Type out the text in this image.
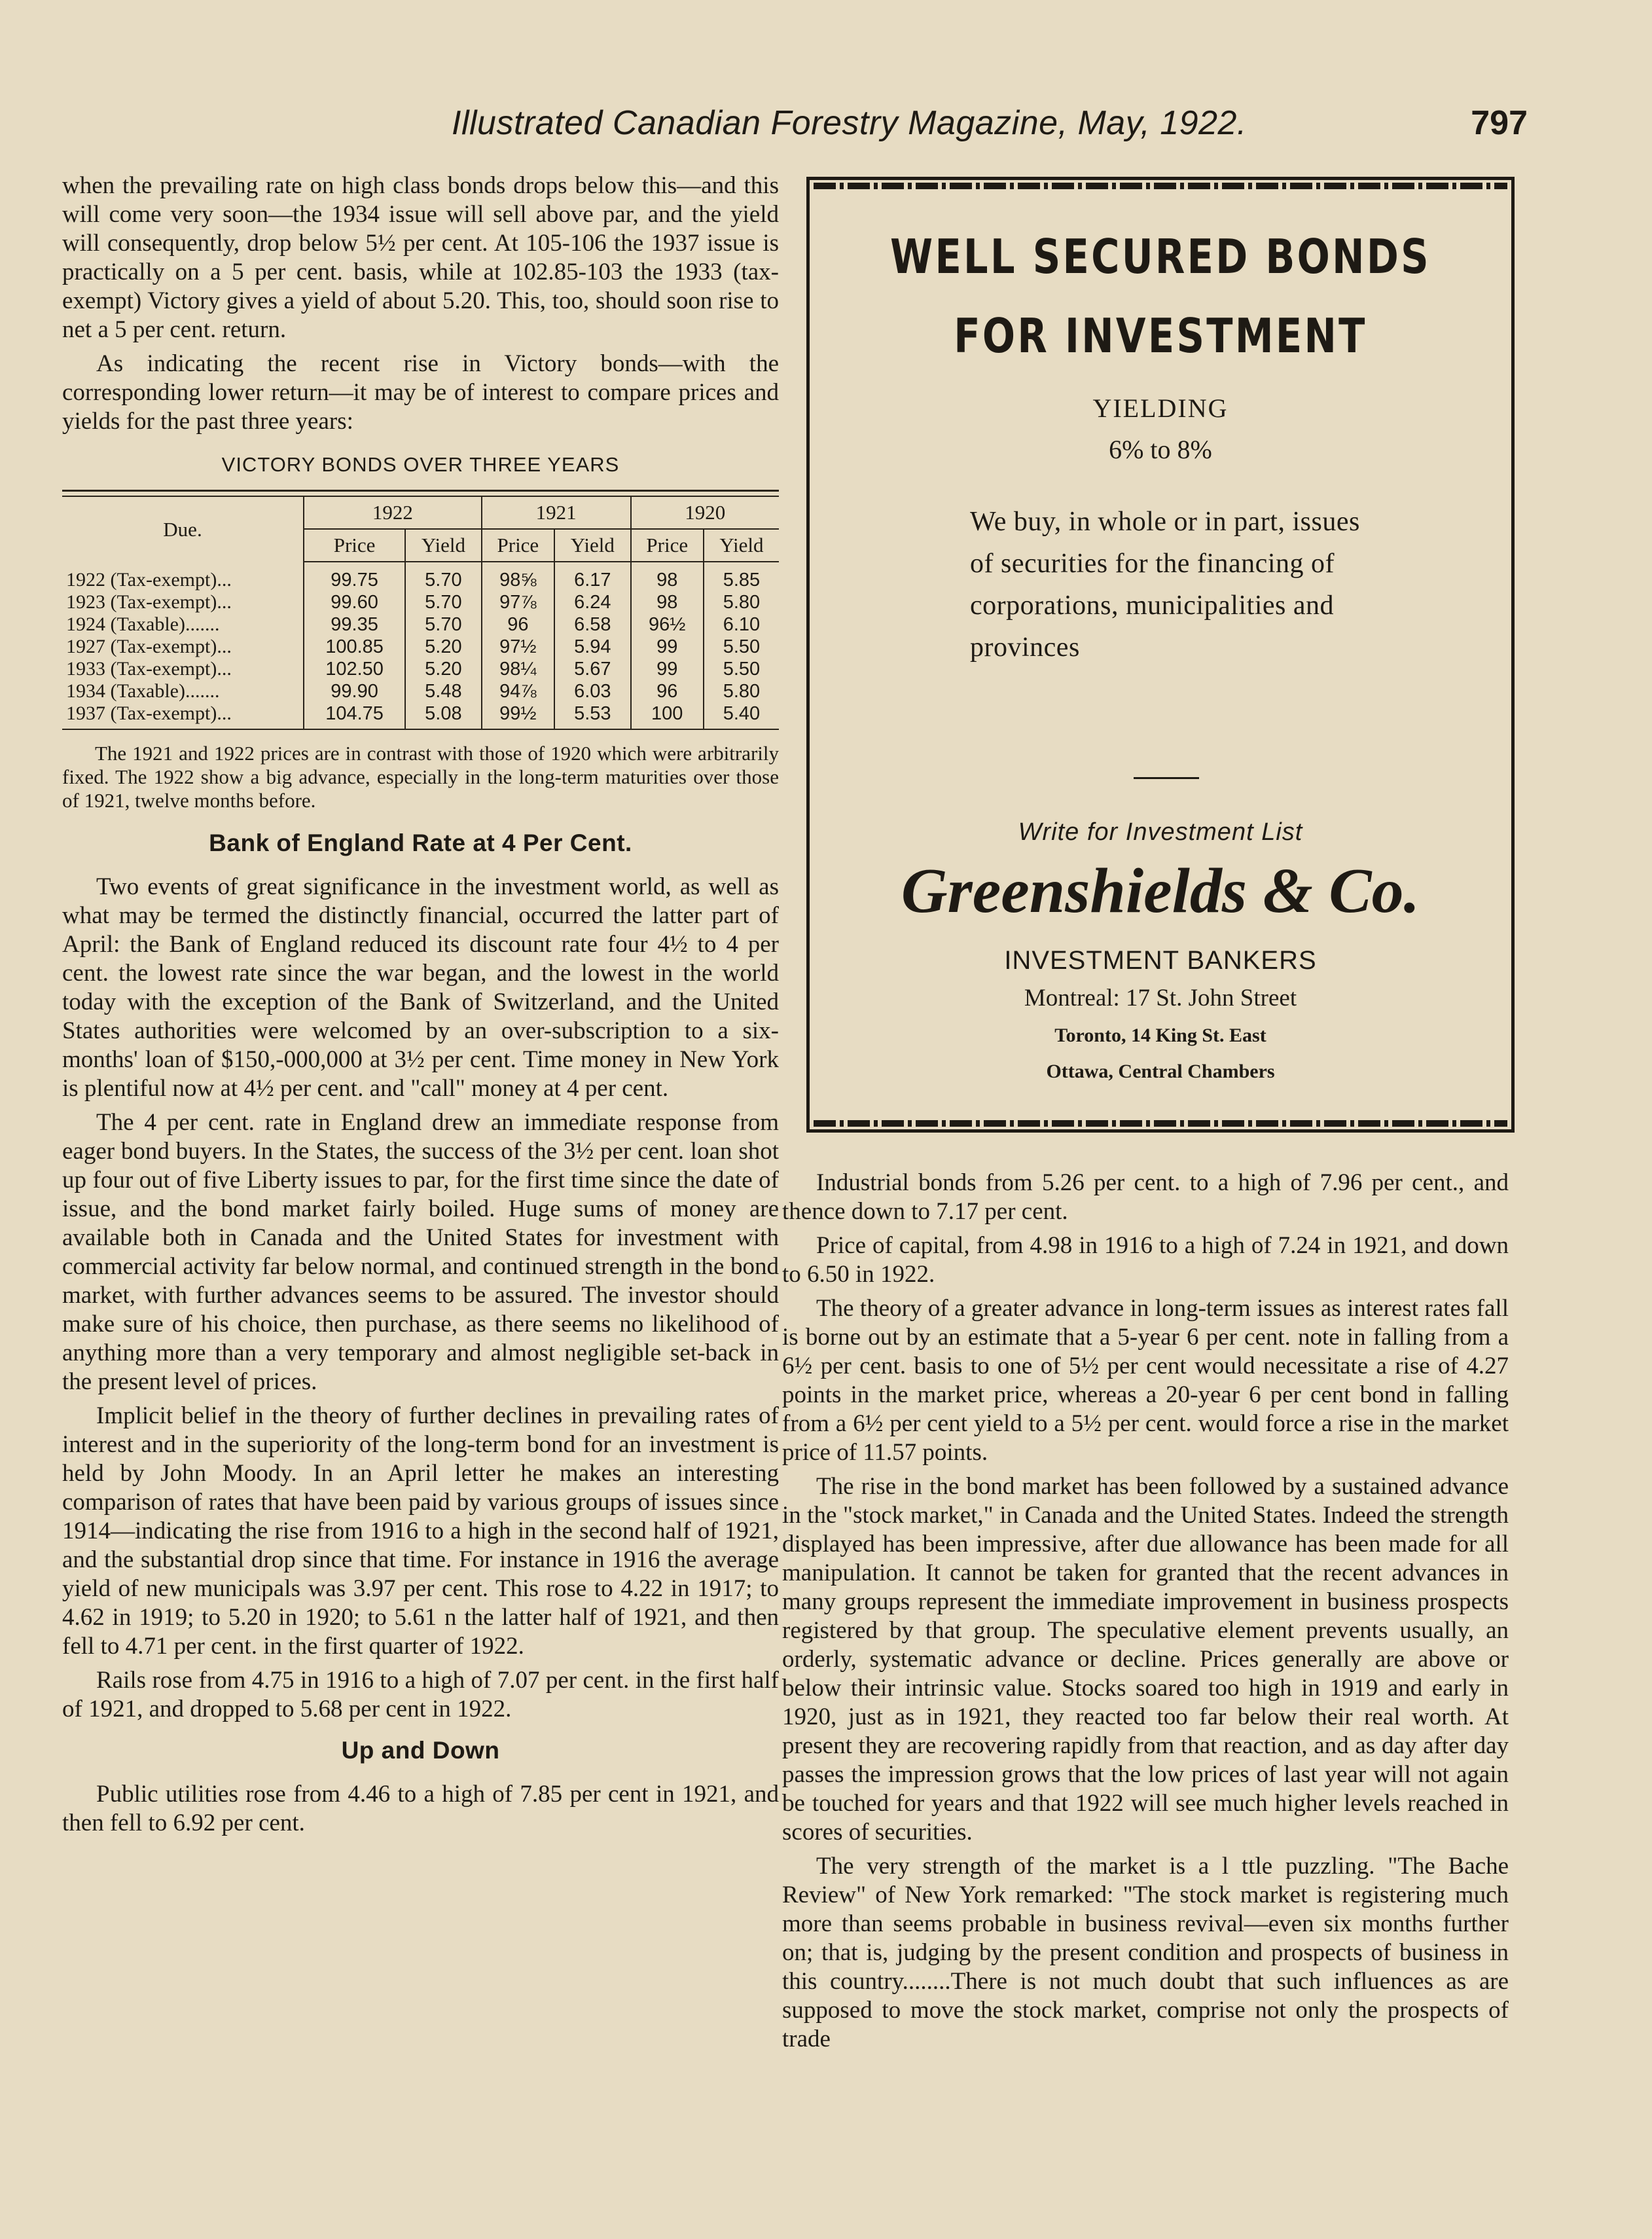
Illustrated Canadian Forestry Magazine, May, 1922.	797

when the prevailing rate on high class bonds drops below this—and this will come very soon—the 1934 issue will sell above par, and the yield will consequently, drop below 5½ per cent. At 105-106 the 1937 issue is practically on a 5 per cent. basis, while at 102.85-103 the 1933 (tax-exempt) Victory gives a yield of about 5.20. This, too, should soon rise to net a 5 per cent. return.

As indicating the recent rise in Victory bonds—with the corresponding lower return—it may be of interest to compare prices and yields for the past three years:

VICTORY BONDS OVER THREE YEARS
Due.	1922		1921		1920	
	Price	Yield	Price	Yield	Price	Yield
1922 (Tax-exempt)...	99.75	5.70	98⅝	6.17	98	5.85
1923 (Tax-exempt)...	99.60	5.70	97⅞	6.24	98	5.80
1924 (Taxable).......	99.35	5.70	96	6.58	96½	6.10
1927 (Tax-exempt)...	100.85	5.20	97½	5.94	99	5.50
1933 (Tax-exempt)...	102.50	5.20	98¼	5.67	99	5.50
1934 (Taxable).......	99.90	5.48	94⅞	6.03	96	5.80
1937 (Tax-exempt)...	104.75	5.08	99½	5.53	100	5.40

The 1921 and 1922 prices are in contrast with those of 1920 which were arbitrarily fixed. The 1922 show a big advance, especially in the long-term maturities over those of 1921, twelve months before.

Bank of England Rate at 4 Per Cent.

Two events of great significance in the investment world, as well as what may be termed the distinctly financial, occurred the latter part of April: the Bank of England reduced its discount rate four 4½ to 4 per cent. the lowest rate since the war began, and the lowest in the world today with the exception of the Bank of Switzerland, and the United States authorities were welcomed by an over-subscription to a six-months' loan of $150,-000,000 at 3½ per cent. Time money in New York is plentiful now at 4½ per cent. and "call" money at 4 per cent.

The 4 per cent. rate in England drew an immediate response from eager bond buyers. In the States, the success of the 3½ per cent. loan shot up four out of five Liberty issues to par, for the first time since the date of issue, and the bond market fairly boiled. Huge sums of money are available both in Canada and the United States for investment with commercial activity far below normal, and continued strength in the bond market, with further advances seems to be assured. The investor should make sure of his choice, then purchase, as there seems no likelihood of anything more than a very temporary and almost negligible set-back in the present level of prices.

Implicit belief in the theory of further declines in prevailing rates of interest and in the superiority of the long-term bond for an investment is held by John Moody. In an April letter he makes an interesting comparison of rates that have been paid by various groups of issues since 1914—indicating the rise from 1916 to a high in the second half of 1921, and the substantial drop since that time. For instance in 1916 the average yield of new municipals was 3.97 per cent. This rose to 4.22 in 1917; to 4.62 in 1919; to 5.20 in 1920; to 5.61 n the latter half of 1921, and then fell to 4.71 per cent. in the first quarter of 1922.

Rails rose from 4.75 in 1916 to a high of 7.07 per cent. in the first half of 1921, and dropped to 5.68 per cent in 1922.

Up and Down

Public utilities rose from 4.46 to a high of 7.85 per cent in 1921, and then fell to 6.92 per cent.

WELL SECURED BONDS
FOR INVESTMENT
YIELDING
6% to 8%
We buy, in whole or in part, issues of securities for the financing of corporations, municipalities and provinces
Write for Investment List
Greenshields & Co.
INVESTMENT BANKERS
Montreal: 17 St. John Street
Toronto, 14 King St. East
Ottawa, Central Chambers

Industrial bonds from 5.26 per cent. to a high of 7.96 per cent., and thence down to 7.17 per cent.

Price of capital, from 4.98 in 1916 to a high of 7.24 in 1921, and down to 6.50 in 1922.

The theory of a greater advance in long-term issues as interest rates fall is borne out by an estimate that a 5-year 6 per cent. note in falling from a 6½ per cent. basis to one of 5½ per cent would necessitate a rise of 4.27 points in the market price, whereas a 20-year 6 per cent bond in falling from a 6½ per cent yield to a 5½ per cent. would force a rise in the market price of 11.57 points.

The rise in the bond market has been followed by a sustained advance in the "stock market," in Canada and the United States. Indeed the strength displayed has been impressive, after due allowance has been made for all manipulation. It cannot be taken for granted that the recent advances in many groups represent the immediate improvement in business prospects registered by that group. The speculative element prevents usually, an orderly, systematic advance or decline. Prices generally are above or below their intrinsic value. Stocks soared too high in 1919 and early in 1920, just as in 1921, they reacted too far below their real worth. At present they are recovering rapidly from that reaction, and as day after day passes the impression grows that the low prices of last year will not again be touched for years and that 1922 will see much higher levels reached in scores of securities.

The very strength of the market is a l ttle puzzling. "The Bache Review" of New York remarked: "The stock market is registering much more than seems probable in business revival—even six months further on; that is, judging by the present condition and prospects of business in this country........There is not much doubt that such influences as are supposed to move the stock market, comprise not only the prospects of trade
